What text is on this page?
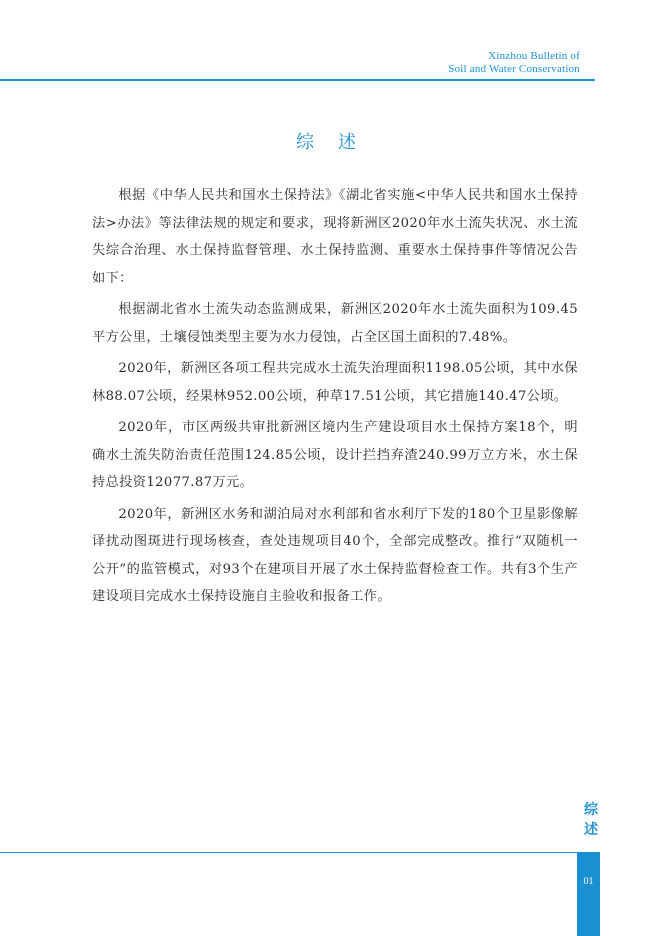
Xinzhou Bulletin of
Soil and Water Conservation
综述

根据《中华人民共和国水土保持法》《湖北省实施<中华人民共和国水土保持法>办法》等法律法规的规定和要求，现将新洲区2020年水土流失状况、水土流失综合治理、水土保持监督管理、水土保持监测、重要水土保持事件等情况公告如下：

根据湖北省水土流失动态监测成果，新洲区2020年水土流失面积为109.45平方公里，土壤侵蚀类型主要为水力侵蚀，占全区国土面积的7.48%。

2020年，新洲区各项工程共完成水土流失治理面积1198.05公顷，其中水保林88.07公顷，经果林952.00公顷，种草17.51公顷，其它措施140.47公顷。

2020年，市区两级共审批新洲区境内生产建设项目水土保持方案18个，明确水土流失防治责任范围124.85公顷，设计拦挡弃渣240.99万立方米，水土保持总投资12077.87万元。

2020年，新洲区水务和湖泊局对水利部和省水利厅下发的180个卫星影像解译扰动图斑进行现场核查，查处违规项目40个，全部完成整改。推行“双随机一公开”的监管模式，对93个在建项目开展了水土保持监督检查工作。共有3个生产建设项目完成水土保持设施自主验收和报备工作。

综
述
01
